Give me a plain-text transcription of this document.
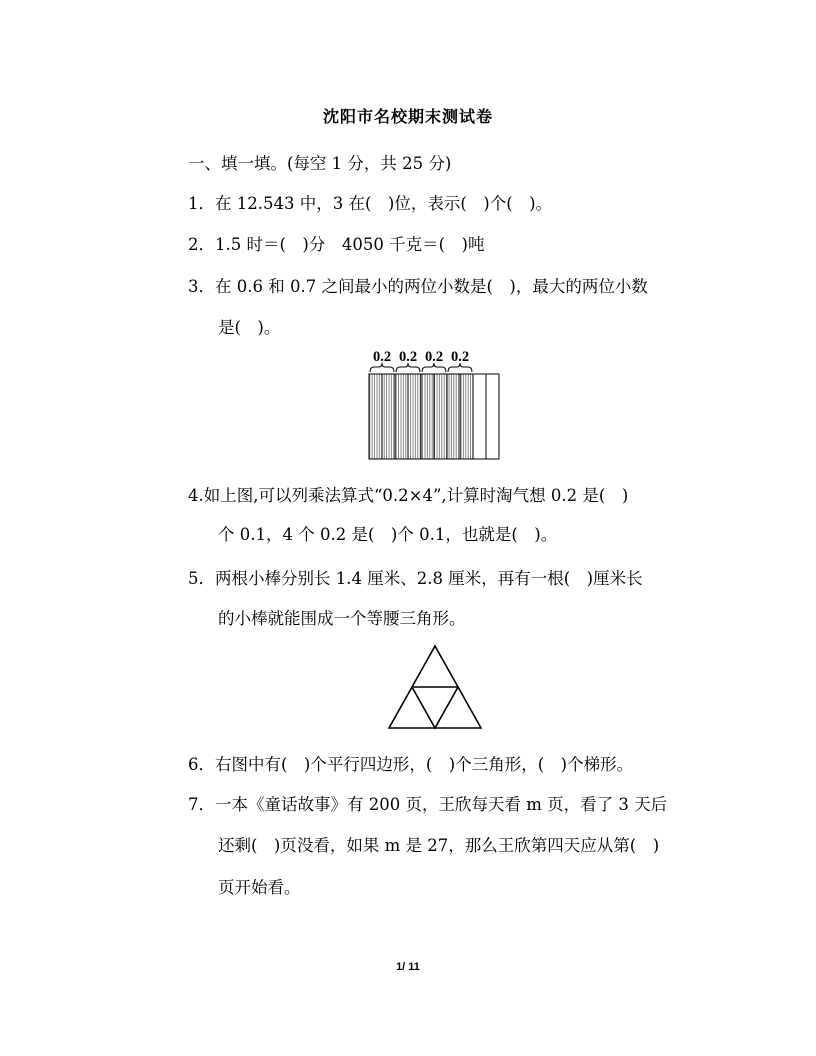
沈阳市名校期末测试卷
一、填一填。(每空 1 分，共 25 分)
1．在 12.543 中，3 在(　)位，表示(　)个(　)。
2．1.5 时＝(　)分　4050 千克＝(　)吨
3．在 0.6 和 0.7 之间最小的两位小数是(　)，最大的两位小数
是(　)。
0.2 0.2 0.2 0.2
4.如上图,可以列乘法算式“0.2×4”,计算时淘气想 0.2 是(　)
个 0.1，4 个 0.2 是(　)个 0.1，也就是(　)。
5．两根小棒分别长 1.4 厘米、2.8 厘米，再有一根(　)厘米长
的小棒就能围成一个等腰三角形。
6．右图中有(　)个平行四边形，(　)个三角形，(　)个梯形。
7．一本《童话故事》有 200 页，王欣每天看 m 页，看了 3 天后
还剩(　)页没看，如果 m 是 27，那么王欣第四天应从第(　)
页开始看。
1/ 11
